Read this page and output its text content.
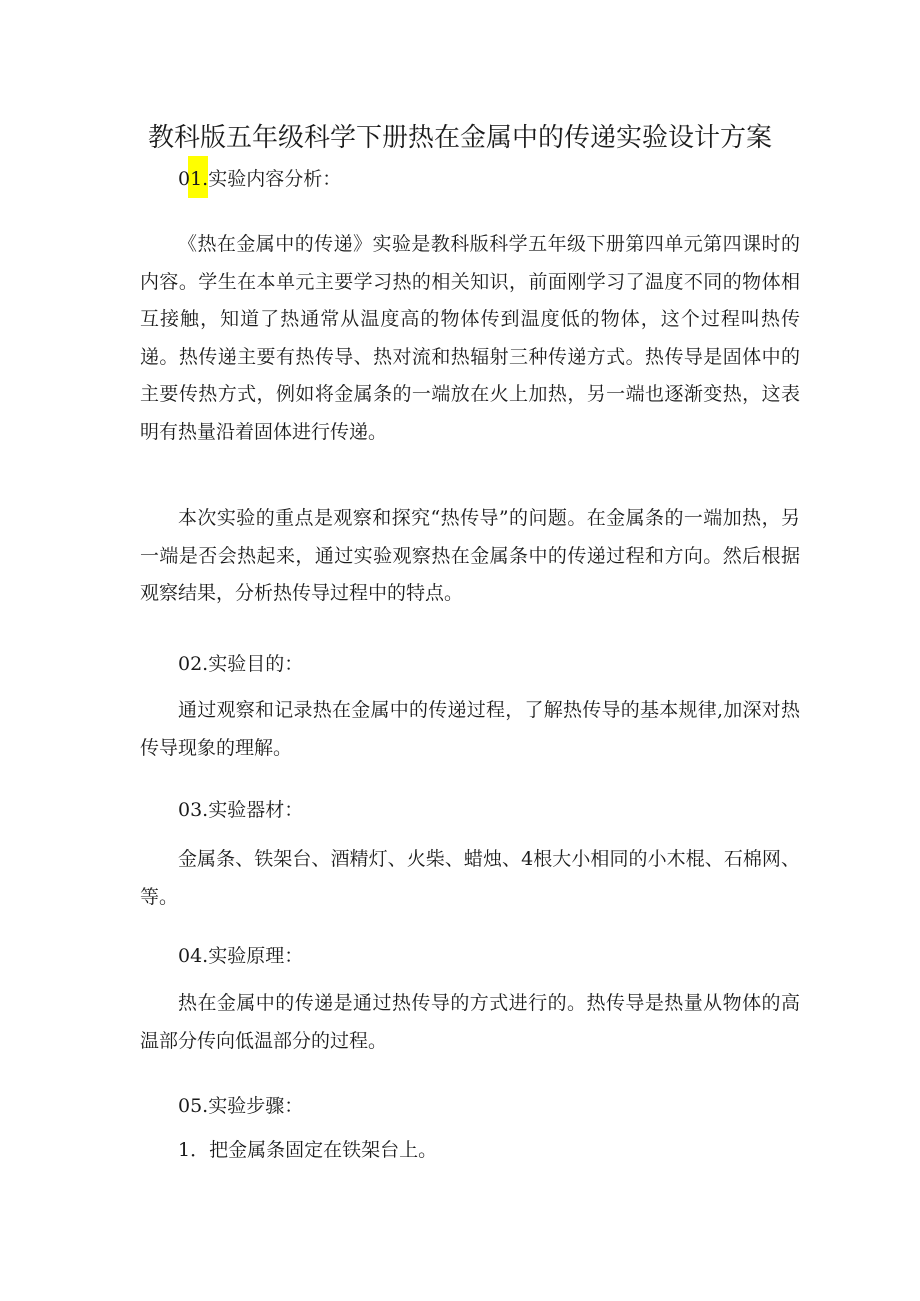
教科版五年级科学下册热在金属中的传递实验设计方案
01.实验内容分析：

《热在金属中的传递》实验是教科版科学五年级下册第四单元第四课时的内容。学生在本单元主要学习热的相关知识，前面刚学习了温度不同的物体相互接触，知道了热通常从温度高的物体传到温度低的物体，这个过程叫热传递。热传递主要有热传导、热对流和热辐射三种传递方式。热传导是固体中的主要传热方式，例如将金属条的一端放在火上加热，另一端也逐渐变热，这表明有热量沿着固体进行传递。

本次实验的重点是观察和探究“热传导”的问题。在金属条的一端加热，另一端是否会热起来，通过实验观察热在金属条中的传递过程和方向。然后根据观察结果，分析热传导过程中的特点。

02.实验目的：

通过观察和记录热在金属中的传递过程，了解热传导的基本规律,加深对热传导现象的理解。

03.实验器材：

金属条、铁架台、酒精灯、火柴、蜡烛、4根大小相同的小木棍、石棉网、等。

04.实验原理：

热在金属中的传递是通过热传导的方式进行的。热传导是热量从物体的高温部分传向低温部分的过程。

05.实验步骤：
1．把金属条固定在铁架台上。
